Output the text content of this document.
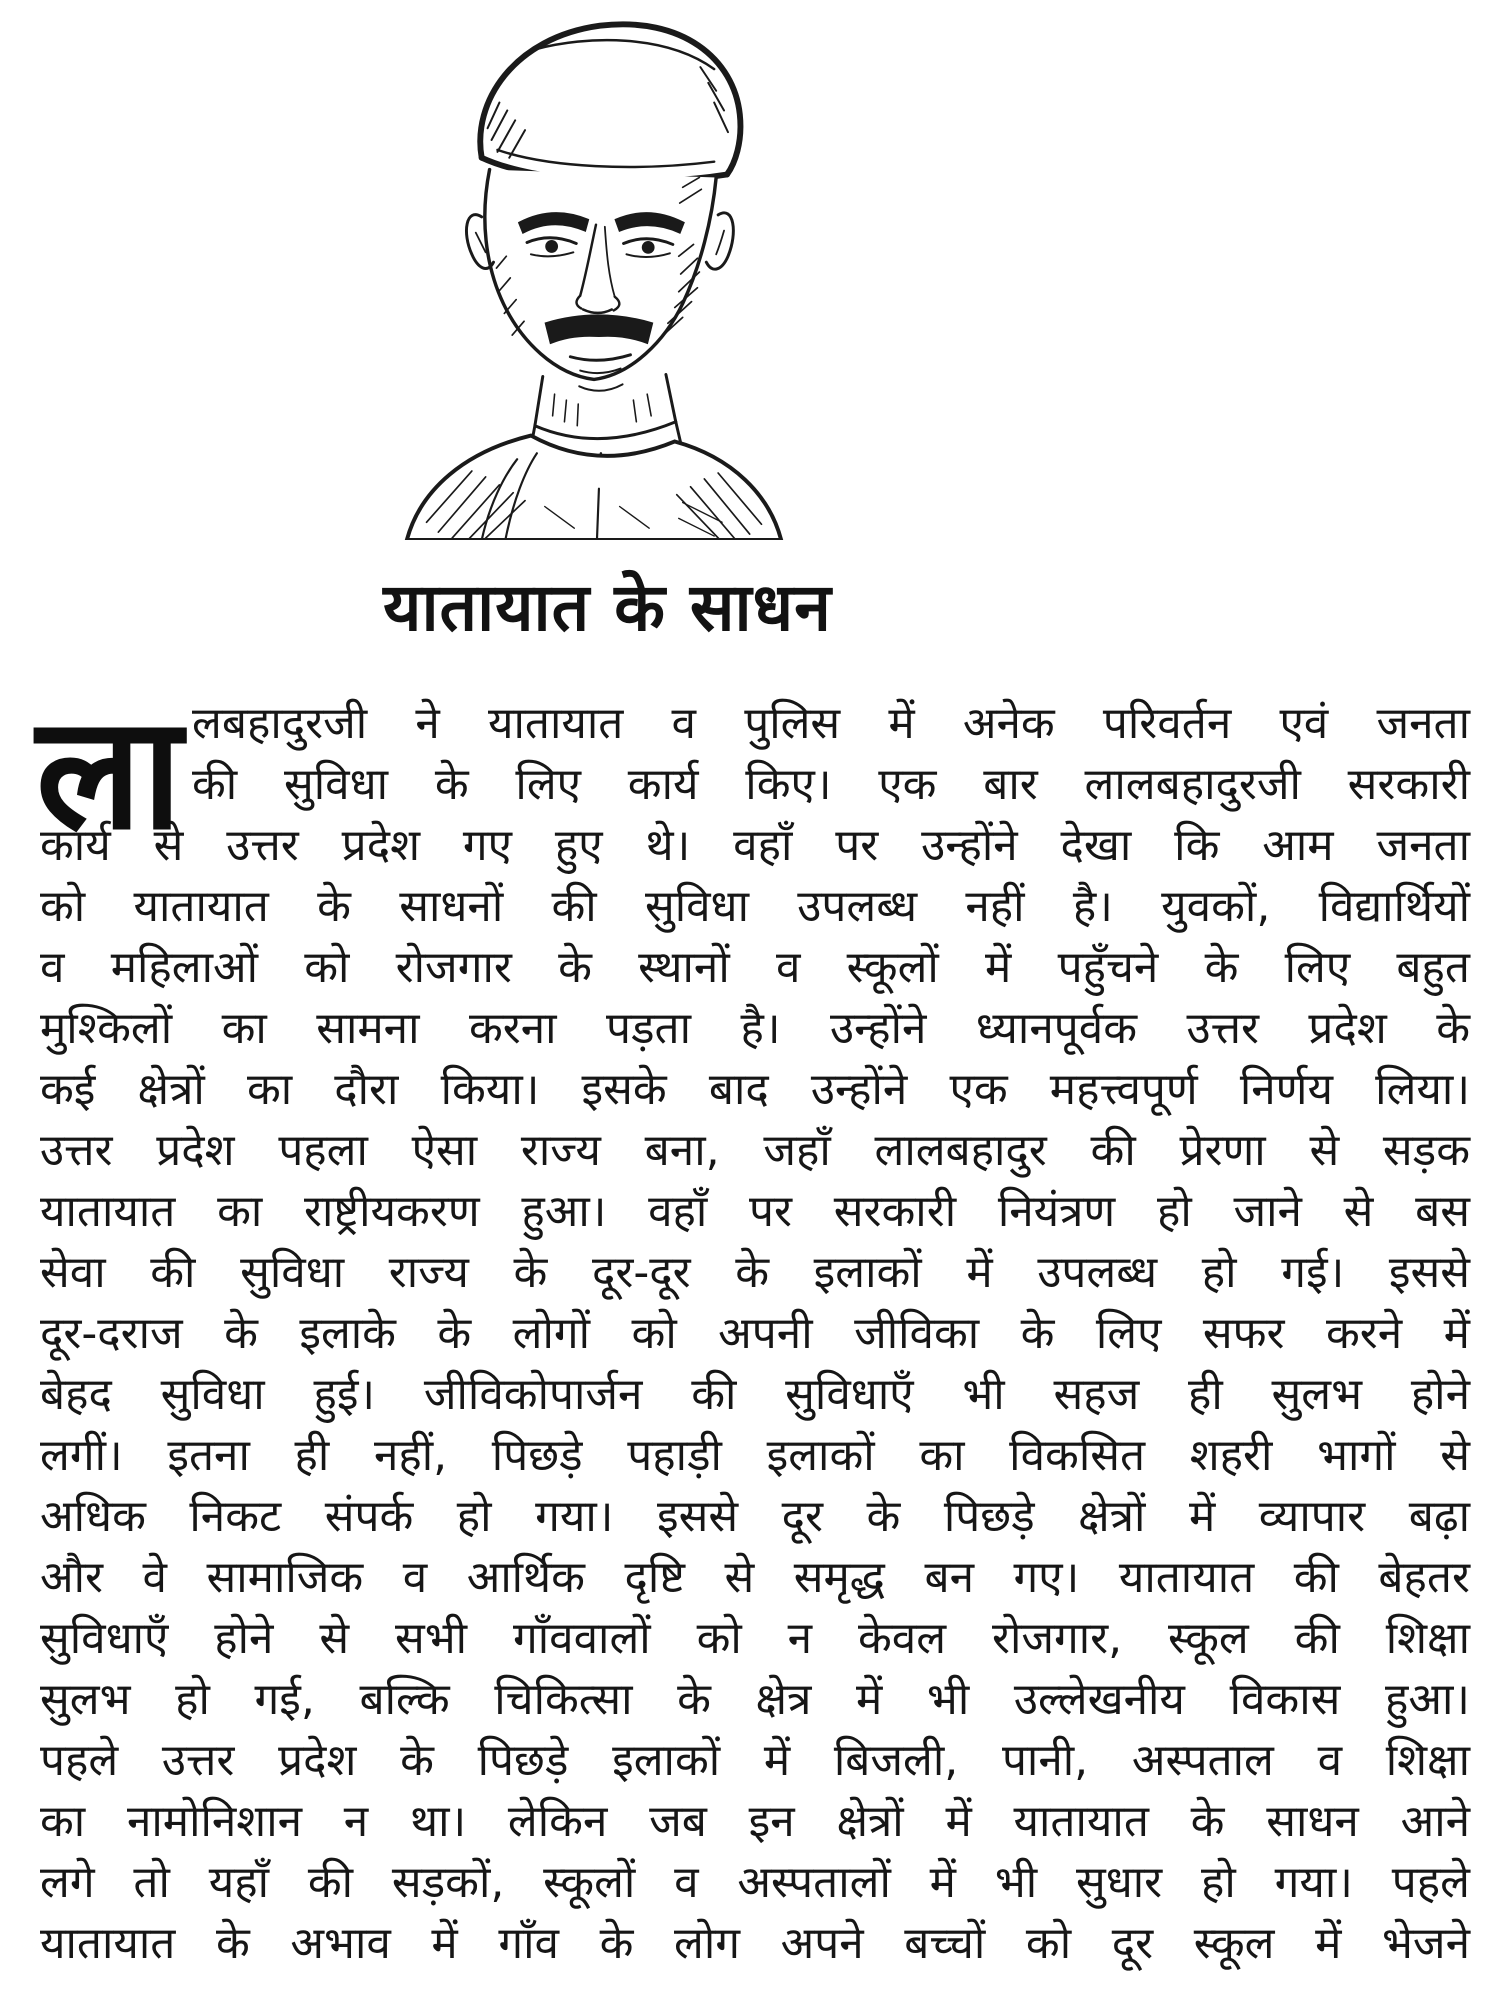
यातायात के साधन
ला लबहादुरजी ने यातायात व पुलिस में अनेक परिवर्तन एवं जनता
की सुविधा के लिए कार्य किए। एक बार लालबहादुरजी सरकारी
कार्य से उत्तर प्रदेश गए हुए थे। वहाँ पर उन्होंने देखा कि आम जनता
को यातायात के साधनों की सुविधा उपलब्ध नहीं है। युवकों, विद्यार्थियों
व महिलाओं को रोजगार के स्थानों व स्कूलों में पहुँचने के लिए बहुत
मुश्किलों का सामना करना पड़ता है। उन्होंने ध्यानपूर्वक उत्तर प्रदेश के
कई क्षेत्रों का दौरा किया। इसके बाद उन्होंने एक महत्त्वपूर्ण निर्णय लिया।
उत्तर प्रदेश पहला ऐसा राज्य बना, जहाँ लालबहादुर की प्रेरणा से सड़क
यातायात का राष्ट्रीयकरण हुआ। वहाँ पर सरकारी नियंत्रण हो जाने से बस
सेवा की सुविधा राज्य के दूर-दूर के इलाकों में उपलब्ध हो गई। इससे
दूर-दराज के इलाके के लोगों को अपनी जीविका के लिए सफर करने में
बेहद सुविधा हुई। जीविकोपार्जन की सुविधाएँ भी सहज ही सुलभ होने
लगीं। इतना ही नहीं, पिछड़े पहाड़ी इलाकों का विकसित शहरी भागों से
अधिक निकट संपर्क हो गया। इससे दूर के पिछड़े क्षेत्रों में व्यापार बढ़ा
और वे सामाजिक व आर्थिक दृष्टि से समृद्ध बन गए। यातायात की बेहतर
सुविधाएँ होने से सभी गाँववालों को न केवल रोजगार, स्कूल की शिक्षा
सुलभ हो गई, बल्कि चिकित्सा के क्षेत्र में भी उल्लेखनीय विकास हुआ।
पहले उत्तर प्रदेश के पिछड़े इलाकों में बिजली, पानी, अस्पताल व शिक्षा
का नामोनिशान न था। लेकिन जब इन क्षेत्रों में यातायात के साधन आने
लगे तो यहाँ की सड़कों, स्कूलों व अस्पतालों में भी सुधार हो गया। पहले
यातायात के अभाव में गाँव के लोग अपने बच्चों को दूर स्कूल में भेजने
